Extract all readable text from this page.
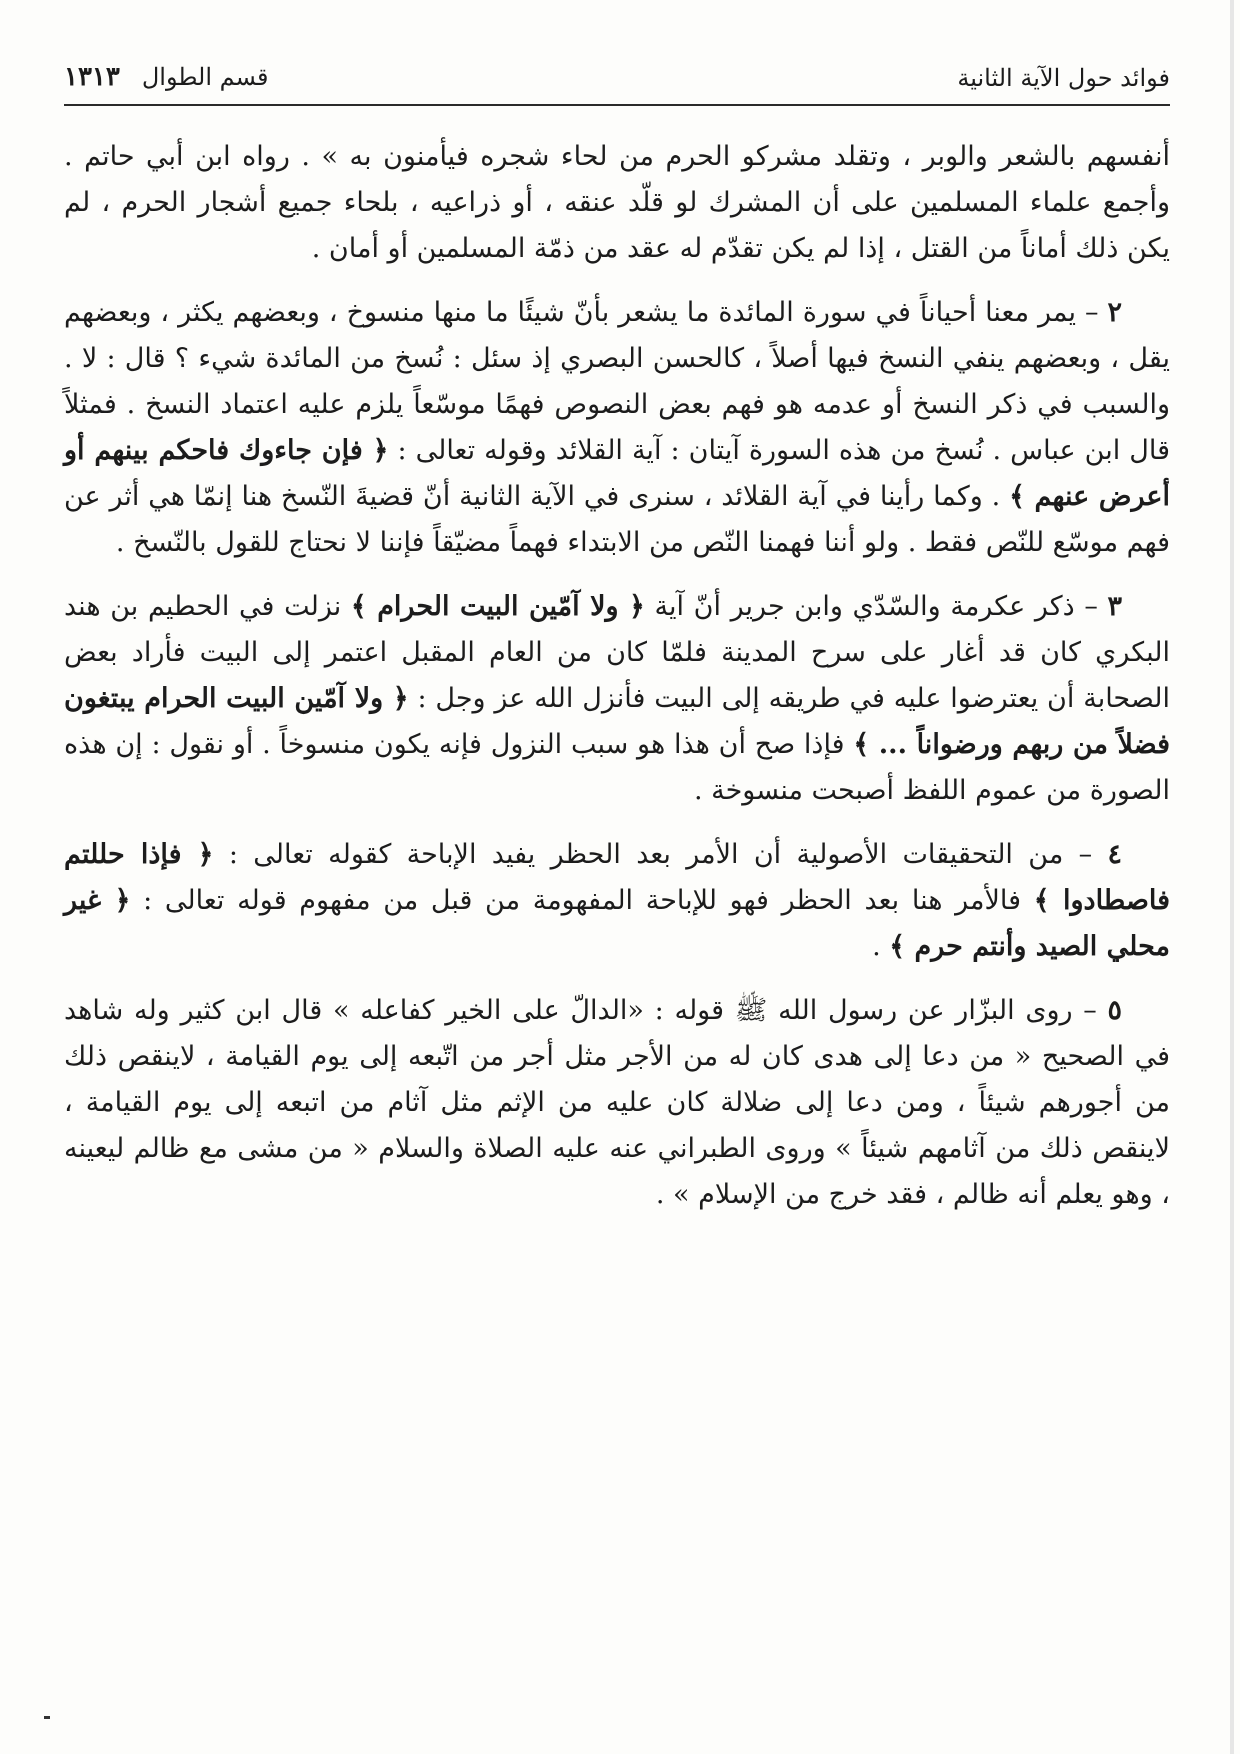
١٣١٣ قسم الطوال	فوائد حول الآية الثانية

أنفسهم بالشعر والوبر ، وتقلد مشركو الحرم من لحاء شجره فيأمنون به » . رواه ابن أبي حاتم . وأجمع علماء المسلمين على أن المشرك لو قلّد عنقه ، أو ذراعيه ، بلحاء جميع أشجار الحرم ، لم يكن ذلك أماناً من القتل ، إذا لم يكن تقدّم له عقد من ذمّة المسلمين أو أمان .

٢ – يمر معنا أحياناً في سورة المائدة ما يشعر بأنّ شيئًا ما منها منسوخ ، وبعضهم يكثر ، وبعضهم يقل ، وبعضهم ينفي النسخ فيها أصلاً ، كالحسن البصري إذ سئل : نُسخ من المائدة شيء ؟ قال : لا . والسبب في ذكر النسخ أو عدمه هو فهم بعض النصوص فهمًا موسّعاً يلزم عليه اعتماد النسخ . فمثلاً قال ابن عباس . نُسخ من هذه السورة آيتان : آية القلائد وقوله تعالى : ﴿ فإن جاءوك فاحكم بينهم أو أعرض عنهم ﴾ . وكما رأينا في آية القلائد ، سنرى في الآية الثانية أنّ قضيةَ النّسخ هنا إنمّا هي أثر عن فهم موسّع للنّص فقط . ولو أننا فهمنا النّص من الابتداء فهماً مضيّقاً فإننا لا نحتاج للقول بالنّسخ .

٣ – ذكر عكرمة والسّدّي وابن جرير أنّ آية ﴿ ولا آمّين البيت الحرام ﴾ نزلت في الحطيم بن هند البكري كان قد أغار على سرح المدينة فلمّا كان من العام المقبل اعتمر إلى البيت فأراد بعض الصحابة أن يعترضوا عليه في طريقه إلى البيت فأنزل الله عز وجل : ﴿ ولا آمّين البيت الحرام يبتغون فضلاً من ربهم ورضواناً ... ﴾ فإذا صح أن هذا هو سبب النزول فإنه يكون منسوخاً . أو نقول : إن هذه الصورة من عموم اللفظ أصبحت منسوخة .

٤ – من التحقيقات الأصولية أن الأمر بعد الحظر يفيد الإباحة كقوله تعالى : ﴿ فإذا حللتم فاصطادوا ﴾ فالأمر هنا بعد الحظر فهو للإباحة المفهومة من قبل من مفهوم قوله تعالى : ﴿ غير محلي الصيد وأنتم حرم ﴾ .

٥ – روى البزّار عن رسول الله ﷺ قوله : «الدالّ على الخير كفاعله » قال ابن كثير وله شاهد في الصحيح « من دعا إلى هدى كان له من الأجر مثل أجر من اتّبعه إلى يوم القيامة ، لاينقص ذلك من أجورهم شيئاً ، ومن دعا إلى ضلالة كان عليه من الإثم مثل آثام من اتبعه إلى يوم القيامة ، لاينقص ذلك من آثامهم شيئاً » وروى الطبراني عنه عليه الصلاة والسلام « من مشى مع ظالم ليعينه ، وهو يعلم أنه ظالم ، فقد خرج من الإسلام » .
